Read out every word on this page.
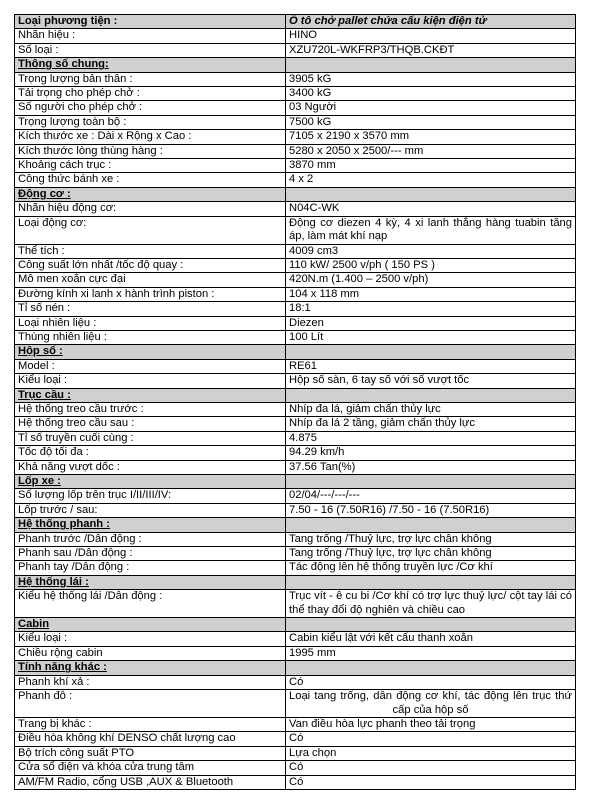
Loại phương tiện :	Ô tô chở pallet chứa cấu kiện điện tử
Nhãn hiệu :	HINO
Số loại :	XZU720L-WKFRP3/THQB.CKĐT
Thông số chung:	
Trọng lượng bản thân :	3905 kG
Tải trọng cho phép chở :	3400 kG
Số người cho phép chở :	03 Người
Trọng lượng toàn bộ :	7500 kG
Kích thước xe : Dài x Rộng x Cao :	7105 x 2190 x 3570 mm
Kích thước lòng thùng hàng :	5280 x 2050 x 2500/--- mm
Khoảng cách trục :	3870 mm
Công thức bánh xe :	4 x 2
Động cơ :	
Nhãn hiệu động cơ:	N04C-WK
Loại động cơ:	Động cơ diezen 4 kỳ, 4 xi lanh thẳng hàng tuabin tăng áp, làm mát khí nạp
Thể tích :	4009 cm3
Công suất lớn nhất /tốc độ quay :	110 kW/ 2500 v/ph ( 150 PS )
Mô men xoắn cực đại	420N.m (1.400 – 2500 v/ph)
Đường kính xi lanh x hành trình piston :	104 x 118 mm
Tỉ số nén :	18:1
Loại nhiên liệu :	Diezen
Thùng nhiên liệu :	100 Lít
Hộp số :	
Model :	RE61
Kiểu loại :	Hộp số sàn, 6 tay số với số vượt tốc
Trục cầu :	
Hệ thống treo cầu trước :	Nhíp đa lá, giảm chấn thủy lực
Hệ thống treo cầu sau :	Nhíp đa lá 2 tầng, giảm chấn thủy lực
Tỉ số truyền cuối cùng :	4.875
Tốc độ tối đa :	94.29 km/h
Khả năng vượt dốc :	37.56 Tan(%)
Lốp xe :	
Số lượng lốp trên trục I/II/III/IV:	02/04/---/---/---
Lốp trước / sau:	7.50 - 16 (7.50R16) /7.50 - 16 (7.50R16)
Hệ thống phanh :	
Phanh trước /Dẫn động :	Tang trống /Thuỷ lực, trợ lực chân không
Phanh sau /Dẫn động :	Tang trống /Thuỷ lực, trợ lực chân không
Phanh tay /Dẫn động :	Tác động lên hệ thống truyền lực /Cơ khí
Hệ thống lái :	
Kiểu hệ thống lái /Dẫn động :	Trục vít - ê cu bi /Cơ khí có trợ lực thuỷ lực/ cột tay lái có thể thay đổi độ nghiên và chiều cao
Cabin	
Kiểu loại :	Cabin kiểu lật với kết cấu thanh xoắn
Chiều rộng cabin	1995 mm
Tính năng khác :	
Phanh khí xả :	Có
Phanh đỗ :	Loại tang trống, dẫn động cơ khí, tác động lên trục thứ cấp của hộp số
Trang bị khác :	Van điều hòa lực phanh theo tải trọng
Điều hòa không khí DENSO chất lượng cao	Có
Bộ trích công suất PTO	Lựa chọn
Cửa sổ điện và khóa cửa trung tâm	Có
AM/FM Radio, cổng USB ,AUX & Bluetooth	Có
